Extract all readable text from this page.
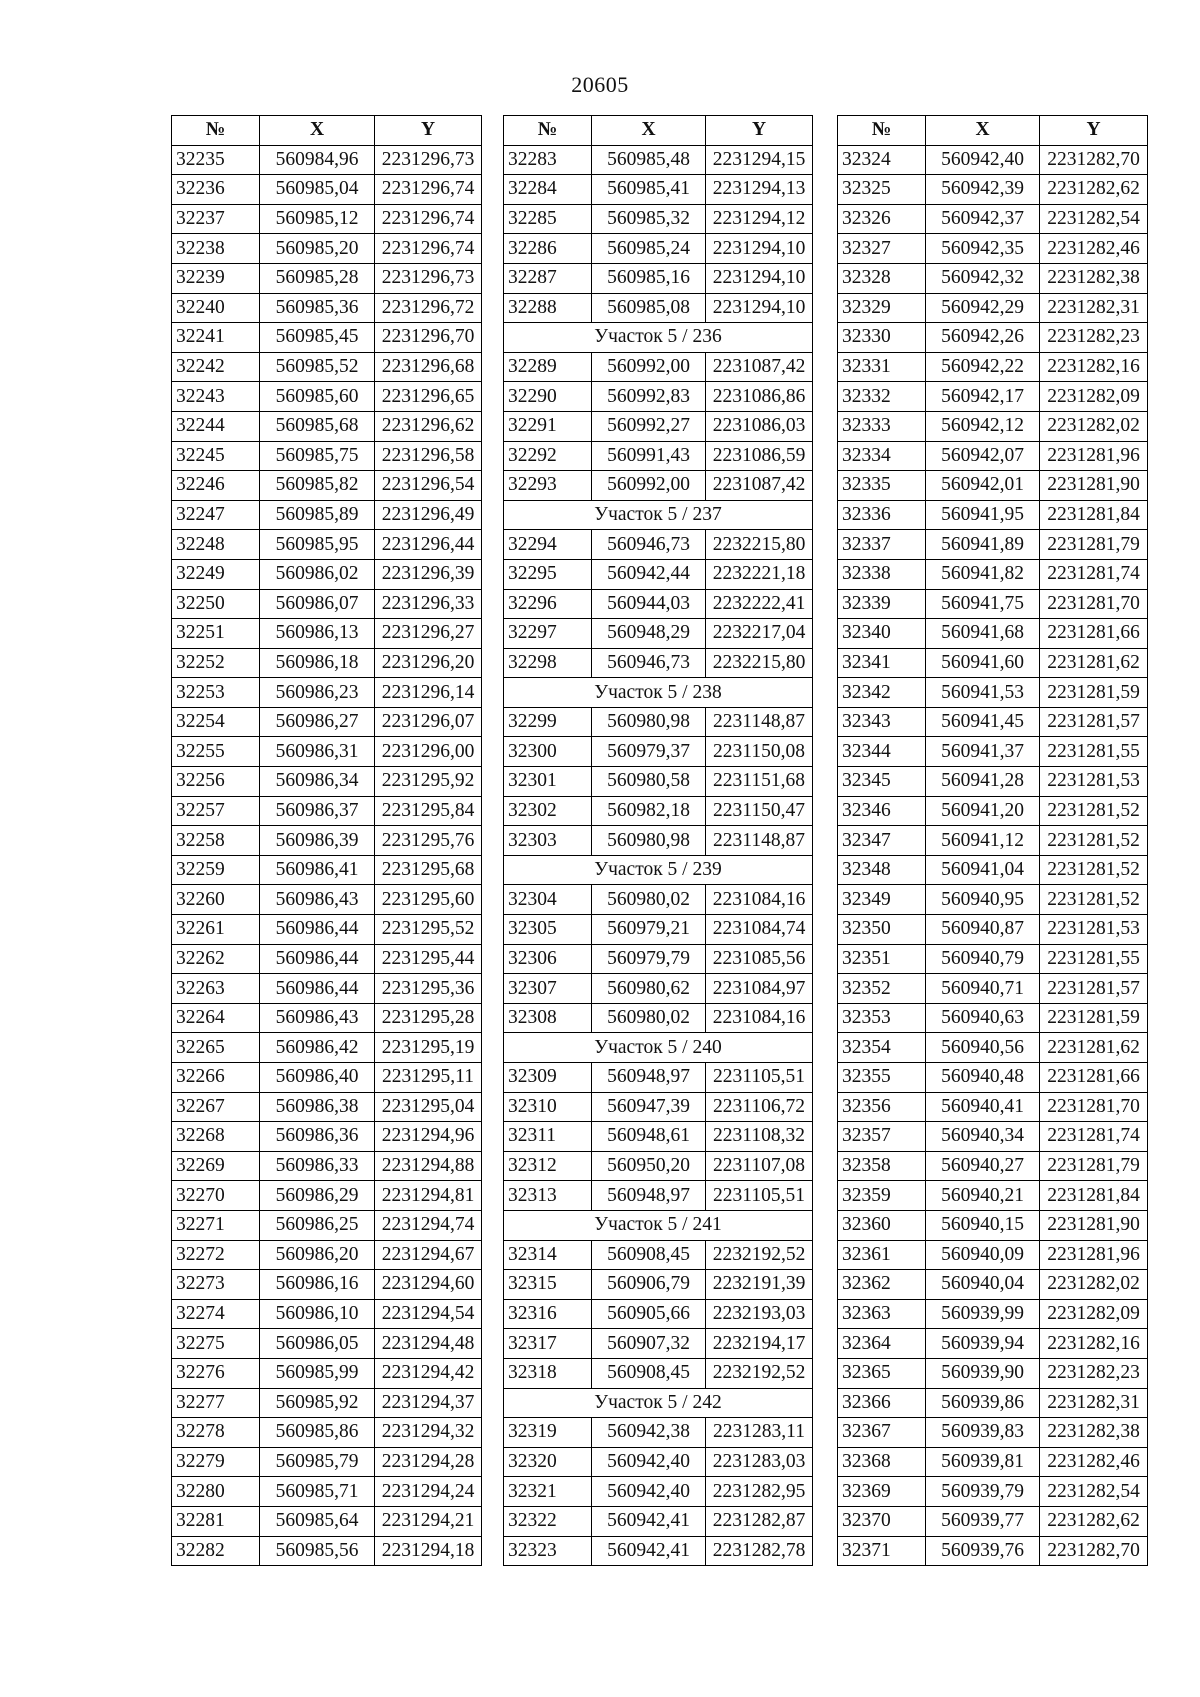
20605
№	X	Y
32235	560984,96	2231296,73
32236	560985,04	2231296,74
32237	560985,12	2231296,74
32238	560985,20	2231296,74
32239	560985,28	2231296,73
32240	560985,36	2231296,72
32241	560985,45	2231296,70
32242	560985,52	2231296,68
32243	560985,60	2231296,65
32244	560985,68	2231296,62
32245	560985,75	2231296,58
32246	560985,82	2231296,54
32247	560985,89	2231296,49
32248	560985,95	2231296,44
32249	560986,02	2231296,39
32250	560986,07	2231296,33
32251	560986,13	2231296,27
32252	560986,18	2231296,20
32253	560986,23	2231296,14
32254	560986,27	2231296,07
32255	560986,31	2231296,00
32256	560986,34	2231295,92
32257	560986,37	2231295,84
32258	560986,39	2231295,76
32259	560986,41	2231295,68
32260	560986,43	2231295,60
32261	560986,44	2231295,52
32262	560986,44	2231295,44
32263	560986,44	2231295,36
32264	560986,43	2231295,28
32265	560986,42	2231295,19
32266	560986,40	2231295,11
32267	560986,38	2231295,04
32268	560986,36	2231294,96
32269	560986,33	2231294,88
32270	560986,29	2231294,81
32271	560986,25	2231294,74
32272	560986,20	2231294,67
32273	560986,16	2231294,60
32274	560986,10	2231294,54
32275	560986,05	2231294,48
32276	560985,99	2231294,42
32277	560985,92	2231294,37
32278	560985,86	2231294,32
32279	560985,79	2231294,28
32280	560985,71	2231294,24
32281	560985,64	2231294,21
32282	560985,56	2231294,18
№	X	Y
32283	560985,48	2231294,15
32284	560985,41	2231294,13
32285	560985,32	2231294,12
32286	560985,24	2231294,10
32287	560985,16	2231294,10
32288	560985,08	2231294,10
Участок 5 / 236		
32289	560992,00	2231087,42
32290	560992,83	2231086,86
32291	560992,27	2231086,03
32292	560991,43	2231086,59
32293	560992,00	2231087,42
Участок 5 / 237		
32294	560946,73	2232215,80
32295	560942,44	2232221,18
32296	560944,03	2232222,41
32297	560948,29	2232217,04
32298	560946,73	2232215,80
Участок 5 / 238		
32299	560980,98	2231148,87
32300	560979,37	2231150,08
32301	560980,58	2231151,68
32302	560982,18	2231150,47
32303	560980,98	2231148,87
Участок 5 / 239		
32304	560980,02	2231084,16
32305	560979,21	2231084,74
32306	560979,79	2231085,56
32307	560980,62	2231084,97
32308	560980,02	2231084,16
Участок 5 / 240		
32309	560948,97	2231105,51
32310	560947,39	2231106,72
32311	560948,61	2231108,32
32312	560950,20	2231107,08
32313	560948,97	2231105,51
Участок 5 / 241		
32314	560908,45	2232192,52
32315	560906,79	2232191,39
32316	560905,66	2232193,03
32317	560907,32	2232194,17
32318	560908,45	2232192,52
Участок 5 / 242		
32319	560942,38	2231283,11
32320	560942,40	2231283,03
32321	560942,40	2231282,95
32322	560942,41	2231282,87
32323	560942,41	2231282,78
№	X	Y
32324	560942,40	2231282,70
32325	560942,39	2231282,62
32326	560942,37	2231282,54
32327	560942,35	2231282,46
32328	560942,32	2231282,38
32329	560942,29	2231282,31
32330	560942,26	2231282,23
32331	560942,22	2231282,16
32332	560942,17	2231282,09
32333	560942,12	2231282,02
32334	560942,07	2231281,96
32335	560942,01	2231281,90
32336	560941,95	2231281,84
32337	560941,89	2231281,79
32338	560941,82	2231281,74
32339	560941,75	2231281,70
32340	560941,68	2231281,66
32341	560941,60	2231281,62
32342	560941,53	2231281,59
32343	560941,45	2231281,57
32344	560941,37	2231281,55
32345	560941,28	2231281,53
32346	560941,20	2231281,52
32347	560941,12	2231281,52
32348	560941,04	2231281,52
32349	560940,95	2231281,52
32350	560940,87	2231281,53
32351	560940,79	2231281,55
32352	560940,71	2231281,57
32353	560940,63	2231281,59
32354	560940,56	2231281,62
32355	560940,48	2231281,66
32356	560940,41	2231281,70
32357	560940,34	2231281,74
32358	560940,27	2231281,79
32359	560940,21	2231281,84
32360	560940,15	2231281,90
32361	560940,09	2231281,96
32362	560940,04	2231282,02
32363	560939,99	2231282,09
32364	560939,94	2231282,16
32365	560939,90	2231282,23
32366	560939,86	2231282,31
32367	560939,83	2231282,38
32368	560939,81	2231282,46
32369	560939,79	2231282,54
32370	560939,77	2231282,62
32371	560939,76	2231282,70
